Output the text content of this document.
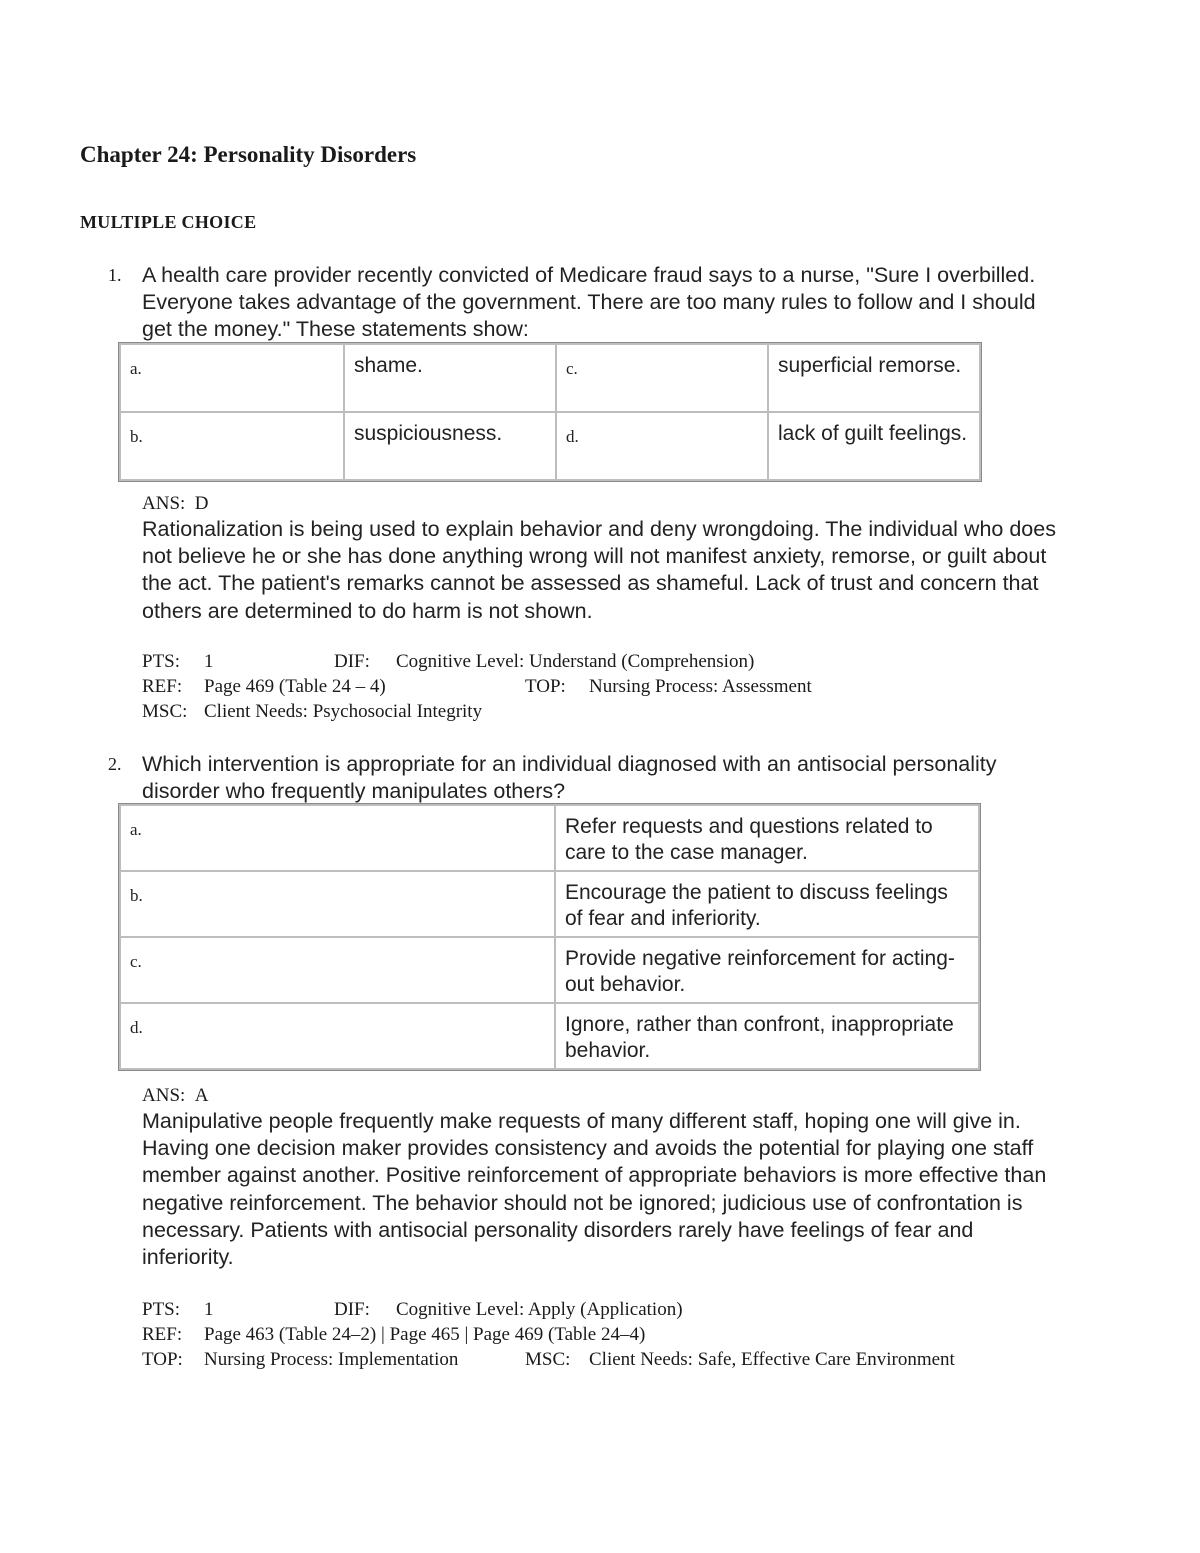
Chapter 24: Personality Disorders
MULTIPLE CHOICE
1. A health care provider recently convicted of Medicare fraud says to a nurse, "Sure I overbilled. Everyone takes advantage of the government. There are too many rules to follow and I should get the money." These statements show:

a.	shame.	c.	superficial remorse.
b.	suspiciousness.	d.	lack of guilt feelings.
ANS: D

Rationalization is being used to explain behavior and deny wrongdoing. The individual who does not believe he or she has done anything wrong will not manifest anxiety, remorse, or guilt about the act. The patient's remarks cannot be assessed as shameful. Lack of trust and concern that others are determined to do harm is not shown.

PTS: 1	DIF: Cognitive Level: Understand (Comprehension)
REF: Page 469 (Table 24 – 4)	TOP: Nursing Process: Assessment
MSC: Client Needs: Psychosocial Integrity
2. Which intervention is appropriate for an individual diagnosed with an antisocial personality disorder who frequently manipulates others?

a.	Refer requests and questions related to care to the case manager.
b.	Encourage the patient to discuss feelings of fear and inferiority.
c.	Provide negative reinforcement for acting-out behavior.
d.	Ignore, rather than confront, inappropriate behavior.
ANS: A

Manipulative people frequently make requests of many different staff, hoping one will give in. Having one decision maker provides consistency and avoids the potential for playing one staff member against another. Positive reinforcement of appropriate behaviors is more effective than negative reinforcement. The behavior should not be ignored; judicious use of confrontation is necessary. Patients with antisocial personality disorders rarely have feelings of fear and inferiority.

PTS: 1	DIF: Cognitive Level: Apply (Application)
REF: Page 463 (Table 24–2) | Page 465 | Page 469 (Table 24–4)
TOP: Nursing Process: Implementation	MSC: Client Needs: Safe, Effective Care Environment
